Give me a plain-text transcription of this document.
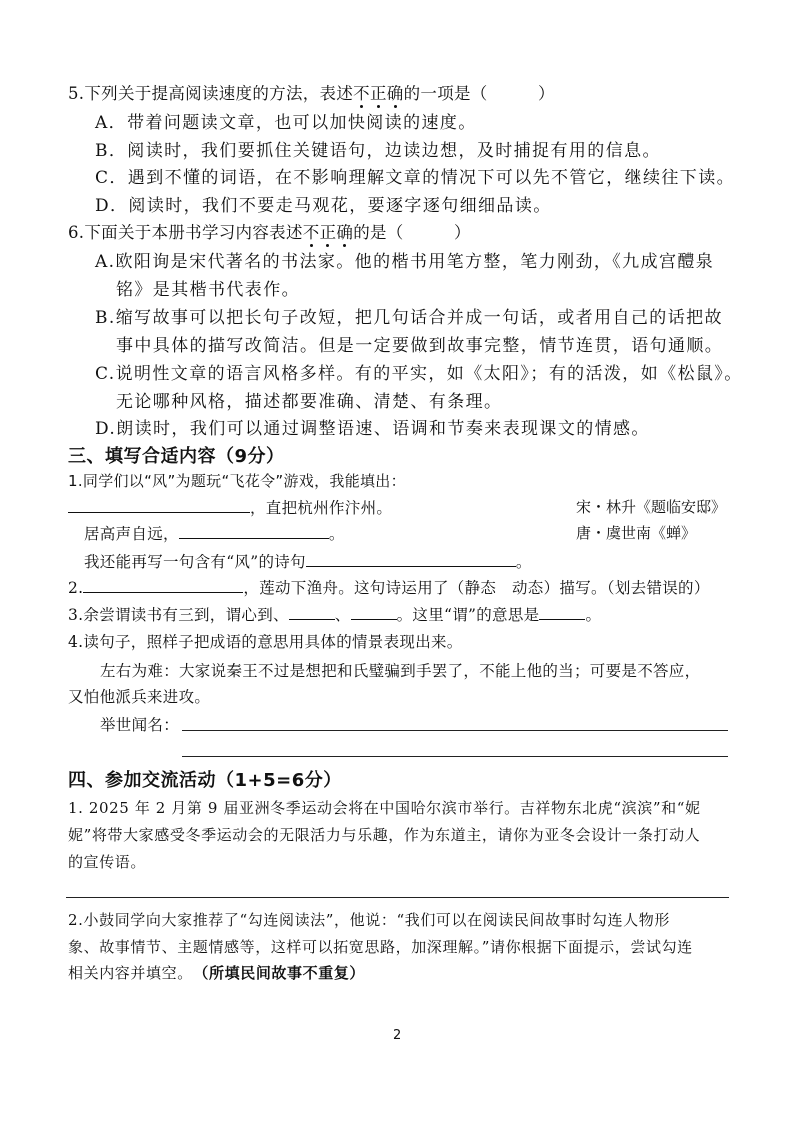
5.下列关于提高阅读速度的方法，表述不正确的一项是（　　　）
A．带着问题读文章，也可以加快阅读的速度。
B．阅读时，我们要抓住关键语句，边读边想，及时捕捉有用的信息。
C．遇到不懂的词语，在不影响理解文章的情况下可以先不管它，继续往下读。
D．阅读时，我们不要走马观花，要逐字逐句细细品读。
6.下面关于本册书学习内容表述不正确的是（　　　）
A.欧阳询是宋代著名的书法家。他的楷书用笔方整，笔力刚劲，《九成宫醴泉
铭》是其楷书代表作。
B.缩写故事可以把长句子改短，把几句话合并成一句话，或者用自己的话把故
事中具体的描写改简洁。但是一定要做到故事完整，情节连贯，语句通顺。
C.说明性文章的语言风格多样。有的平实，如《太阳》；有的活泼，如《松鼠》。
无论哪种风格，描述都要准确、清楚、有条理。
D.朗读时，我们可以通过调整语速、语调和节奏来表现课文的情感。
三、填写合适内容（9分）
1.同学们以“风”为题玩“飞花令”游戏，我能填出：
，直把杭州作汴州。	宋・林升《题临安邸》
居高声自远，	。	唐・虞世南《蝉》
我还能再写一句含有“风”的诗句	。
2.	，莲动下渔舟。这句诗运用了（静态　动态）描写。（划去错误的）
3.余尝谓读书有三到，谓心到、	、	。这里“谓”的意思是	。
4.读句子，照样子把成语的意思用具体的情景表现出来。
左右为难：大家说秦王不过是想把和氏璧骗到手罢了，不能上他的当；可要是不答应，
又怕他派兵来进攻。
举世闻名：
四、参加交流活动（1+5=6分）
1. 2025 年 2 月第 9 届亚洲冬季运动会将在中国哈尔滨市举行。吉祥物东北虎“滨滨”和“妮
妮”将带大家感受冬季运动会的无限活力与乐趣，作为东道主，请你为亚冬会设计一条打动人
的宣传语。
2.小鼓同学向大家推荐了“勾连阅读法”，他说：“我们可以在阅读民间故事时勾连人物形
象、故事情节、主题情感等，这样可以拓宽思路，加深理解。”请你根据下面提示，尝试勾连
相关内容并填空。　 （所填民间故事不重复）
2
